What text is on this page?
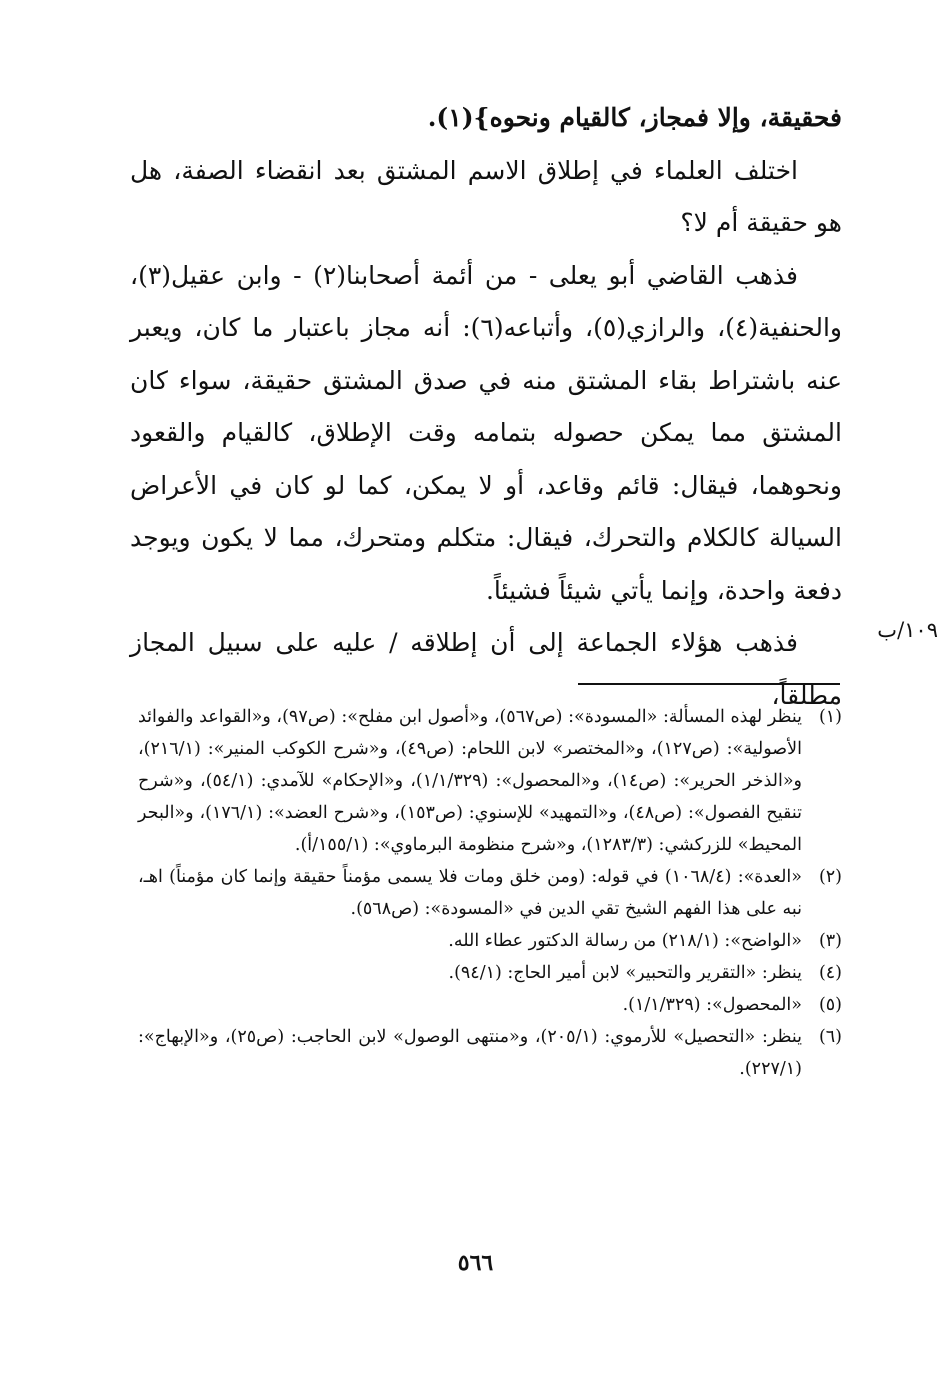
فحقيقة، وإلا فمجاز، كالقيام ونحوه}(١).

اختلف العلماء في إطلاق الاسم المشتق بعد انقضاء الصفة، هل هو حقيقة أم لا؟

فذهب القاضي أبو يعلى - من أئمة أصحابنا(٢) - وابن عقيل(٣)، والحنفية(٤)، والرازي(٥)، وأتباعه(٦): أنه مجاز باعتبار ما كان، ويعبر عنه باشتراط بقاء المشتق منه في صدق المشتق حقيقة، سواء كان المشتق مما يمكن حصوله بتمامه وقت الإطلاق، كالقيام والقعود ونحوهما، فيقال: قائم وقاعد، أو لا يمكن، كما لو كان في الأعراض السيالة كالكلام والتحرك، فيقال: متكلم ومتحرك، مما لا يكون ويوجد دفعة واحدة، وإنما يأتي شيئاً فشيئاً.

فذهب هؤلاء الجماعة إلى أن إطلاقه / عليه على سبيل المجاز مطلقاً،

١٠٩/ب
(١)
ينظر لهذه المسألة: «المسودة»: (ص٥٦٧)، و«أصول ابن مفلح»: (ص٩٧)، و«القواعد والفوائد الأصولية»: (ص١٢٧)، و«المختصر» لابن اللحام: (ص٤٩)، و«شرح الكوكب المنير»: (٢١٦/١)، و«الذخر الحرير»: (ص١٤)، و«المحصول»: (١/١/٣٢٩)، و«الإحكام» للآمدي: (٥٤/١)، و«شرح تنقيح الفصول»: (ص٤٨)، و«التمهيد» للإسنوي: (ص١٥٣)، و«شرح العضد»: (١٧٦/١)، و«البحر المحيط» للزركشي: (١٢٨٣/٣)، و«شرح منظومة البرماوي»: (١٥٥/١/أ).
(٢)
«العدة»: (١٠٦٨/٤) في قوله: (ومن خلق ومات فلا يسمى مؤمناً حقيقة وإنما كان مؤمناً) اهـ، نبه على هذا الفهم الشيخ تقي الدين في «المسودة»: (ص٥٦٨).
(٣)
«الواضح»: (٢١٨/١) من رسالة الدكتور عطاء الله.
(٤)
ينظر: «التقرير والتحبير» لابن أمير الحاج: (٩٤/١).
(٥)
«المحصول»: (١/١/٣٢٩).
(٦)
ينظر: «التحصيل» للأرموي: (٢٠٥/١)، و«منتهى الوصول» لابن الحاجب: (ص٢٥)، و«الإبهاج»: (٢٢٧/١).
٥٦٦
